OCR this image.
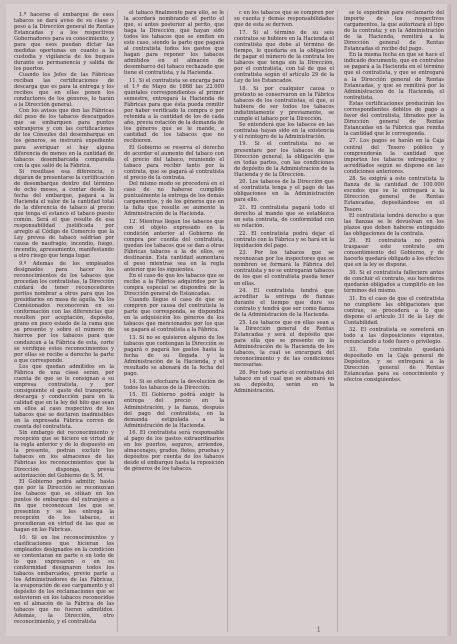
1.ª hacerse el embarque de esos tabacos se dará aviso de su clase y peso a la Dirección general de Rentas Estancadas y a los respectivos Gobernadores para su conocimiento, y para que esos puedan dictar las medidas oportunas en cuanto a la custodia y vigilancia de los buques durante su permanencia y salida de los puertos.

Cuando los Jefes de las Fábricas reciban las certificaciones de descarga que es para la entrega y los recibos que en ellas ponen los conductores de los géneros, lo harán a la Dirección general.

Con los avisos que den las Fábricas del peso de los tabacos descargados que se embarquen para puntos extranjeros y con las certificaciones de los Cónsules del desembarque en los géneros, se instruirá expediente para averiguar si hay alguna diferencia de menos en la cantidad de tabacos desembarcada comparada con la que salió de la Fábrica.

Si resultase esa diferencia, o dejaran de presentarse la certificación de desembarque dentro del término de ocho meses, a contar desde la fecha del embarque, pagará a la Hacienda el valor de la cantidad total de la diferencia de tabaco al precio que tenga el estanco el tabaco puesto común. Será el que resulte de esa responsabilidad justificada por arreglo al Código de Comercio que la Ley prevea de tabaco saldrían por causa de naufragio, incendio, fuego, incendio, apresamiento, manifestando a otro riesgo que tenga lugar.

9.º Además de los empleados designados para hacer los reconocimientos de los tabacos que procedan los contratistas, la Dirección cuidará de tener reconocedores peritos nombrar a otros para que los presidiarios en masa de águila. Ya los Comisionados reconocerán en su conformación con las diferencias que resulten por aceptación, depósito, grano en poco estado de la rama que se presente y sobre el número de hierros por los tabacos para que conduzcan a la Fábrica de esta, corte se verifique estos reconocimientos y por ellas se recibe a derecho la parte a que corresponde.

Los que quedan admitidos en la Fábrica de una clase serán, por cuenta de que se le consignan a su empresa contratista, y por consiguiente el gasto del transporte, descarga y conducción para en la calidad que en la ley del bilo que sean en ellos al caso respectivo de los tabacos que se declaren inadmisibles en la expresada Fábrica corren de cuenta del contratista.

Sin embargo del reconocimiento y recepción que se hiciere en virtud de la regla anterior y de lo dispuesto en la presente, podrán excluir los tabacos en los almacenes de las Fábricas los reconocimientos que la Dirección disponga, previa autorización del Gobierno de S. M.

El Gobierno podrá admitir, hasta que por la Dirección se reconozcan los tabacos que se sitúan en los puntos de embarque del extranjero a fin que reconozcan los que se presenten y se les entrega la recepción de los tabacos, si procedieran en virtud de las que se hagan en las Fábricas.

10. Si en los reconocimientos y clasificaciones que hicieran los empleados designados en la condición se contentaran en parte o en todo de lo que expresaron o en su conformidad designaren todos los tabacos embarcados, previo parte a los Administradores de las Fábricas, la evaporación de ese cargamento y el depósito de los reclamaciones que se estuvieren en los tabacos reconocidos en el almacén de la Fábrica de las tabacos que no fueren admitidos. Además, la Dirección, otro reconocimiento, y el contratista

el tabaco finalmente para ello, se le la acordará nombrando el perito el que, si antes posterior al perito, que haga la Dirección, que hayan sido todos los tabacos que se emiten en este caso, siendo la parte que pagará al contratista todos los gastos que hagan para reponer los tabacos admitidos en el almacén de desembarco del tabaco rechazado que tiene el contratista, y la Hacienda.

11. Si el contratista se encarga para el 1.º de Mayo de 1868 las 22.000 quintales correspondientes al primer semestre, entregará la Hacienda de Fábricas para que ésta pueda remitir por haber verificado la compra o por retenida a la cantidad de los de cada año, previa rotación de la demanda de los géneros que se le mande, a cantidad de los tabacos que no recibieren.

El Gobierno se reserva el derecho de acordar el aumento del tabaco con el precio del tabaco, reuniendo el tabaco para recibir tanto por la contrata, que se pagará al contratista el precio de la contrata.

Del mismo modo se procederá en el caso de no haberse cumplido puntualmente la entrega de los demás cargamentos, y de los géneros que en la falta que resulte se aumente la Administración de la Hacienda.

12. Mientras llegan los tabacos que con el objeto expresado en la condición anterior al Gobierno de compra por cuenta del contratista, quedan los tabacos que se dan a otras Fábricas tabacos a la de ellos, se destinarán. Esta cantidad aumentará el peso mientras sea en la regla anterior que los siguientes.

En el caso de que los tabacos que se recibe a la Fábrica adquiridos por la compra especial se dispondrá de la Dirección general de Estancadas.

Cuando llegue el caso de que se compren por causa del contratista la parte que corresponda, se dispondrá en la adquisición los géneros de los tabacos que mencionados por los que se pagará al contratista a la Fábrica.

13. Si no se quisieren alguno de los tabacos que contengan la Dirección se pagará o pagará los gastos hasta la fecha de su llegada y la Administración de la Hacienda, y el resultado se abonará de la fecha del pago.

14. Si se efectuara la devolución de todos los tabacos de la Dirección.

15. El Gobierno podrá exigir la entrega del precio en la Administración, y la fianza, después del pago del contratista, en la demanda estipulada a la Administración de la Hacienda.

16. El contratista será responsable al pago de los gastos extraordinarios en los puertos, seguros, arriendos, almacenajes, grados, fletes, pruebas y depósitos por cuenta de los tabacos desde el embarque hasta la reposición de géneros de los tabacos.

c en los tabacos que se compren por su cuenta y demás responsabilidades que de esta se deriven.

17. Si al término de su seis contratos se hubiere en la Hacienda el contratista que debe al término de tiempo, le quedaría en la obligación de pagar el número de la contrata los tabacos que tenga sin la Dirección, por el contratista, con tal de que el contratista según el artículo 29 de la Ley de los Estancados.

18. Si por cualquier causa o pretexto se conservaron en la Fábrica tabacos de los contratistas, el que, si hubiera de ser todos los tabacos indistintamente y previamente, se cumple el tabaco por la Dirección.

Se entenderá que los tabacos en las contratas hayan sido en la existencia y el reintegro de la Administración.

19. Si el contratista no se presentare por los tabacos de la Dirección general, la obligación que en todas partes, con las condiciones de depósito de la Administración de la Hacienda y de la Dirección.

20. Los tabacos de la Dirección que el contratista tenga y el pago de las obligaciones en la Administración para ello.

21. El contratista pagará todo el derecho al mando que se establezca en esta contrata, de conformidad con su relación.

22. El contratista podrá dejar el contrato con la Fábrica y se hará en la liquidación del pago.

23. Por los tabacos que se reconozcan por los inspectores que se nombren se formará la Fábrica del contratista y no se entregarán tabacos de los que el contratista pueda tener en ellas.

24. El contratista tendrá que acreditar la entrega de fianzas durante el tiempo que dure su contrato y tendrá que ser como fianza de la Administración de la Hacienda.

25. Los tabacos que en ellas sean a la Dirección general de Rentas Estancadas y será el depósito que para ella que se presente en la Administración de la Hacienda de los tabacos, la cual se encargará del reconocimiento y de las condiciones necesarias.

26. Por todo parte el contratista del tabaco en el cual que se abonará en su depósito, serán en la Administración.

se le expedirán para reclamarlo del importe de los respectivos cargamentos, la que autorizará el tipo de la contrata; y en la Administración de la Hacienda, remitirá a la Dirección general de Rentas Estancadas el recibo del pago.

En la misma fecha en que se hace el indicado documento, que en contratos se pagará a la Hacienda en el término que el contratista, y que se entregará a la Dirección general de Rentas Estancadas, y que se remitirá por la Administración de la Hacienda, el contratista.

Estas certificaciones producirán los correspondientes debitos de pago a favor del contratista, librados por la Dirección general de Rentas Estancadas en la Fábrica que remita la cantidad que le corresponda.

27. Los pagos se harán en la Caja central del Tesoro público y comprenderán la cantidad que importen los tabacos entregados y acreditados según se dispone en las condiciones anteriores.

28. Se exigirá a este contratista la fianza de la cantidad de 100.000 escudos que se le entregará a la Dirección general de Rentas Estancadas, depositándose en el Tesoro.

El contratista tendrá derecho a que las fianzas se le devuelvan en los plazos que deben haberse extinguido las obligaciones de la contrata.

29. El contratista no podrá traspasar este contrato sin consentimiento del Gobierno, y de hacerlo quedará obligado a los efectos que en la ley se dispone.

30. Si el contratista falleciere antes de concluir el contrato, sus herederos quedarán obligados a cumplirlo en los términos del mismo.

31. En el caso de que el contratista no cumpliere las obligaciones que contrae, se procederá a lo que dispone el artículo 31 de la Ley de Contabilidad.

32. El contratista se someterá en todo a las disposiciones vigentes, renunciando a todo fuero o privilegio.

33. Este contrato quedará depositado en la Caja general de Depósitos, y se entregará a la Dirección general de Rentas Estancadas para su conocimiento y efectos consiguientes.

1
